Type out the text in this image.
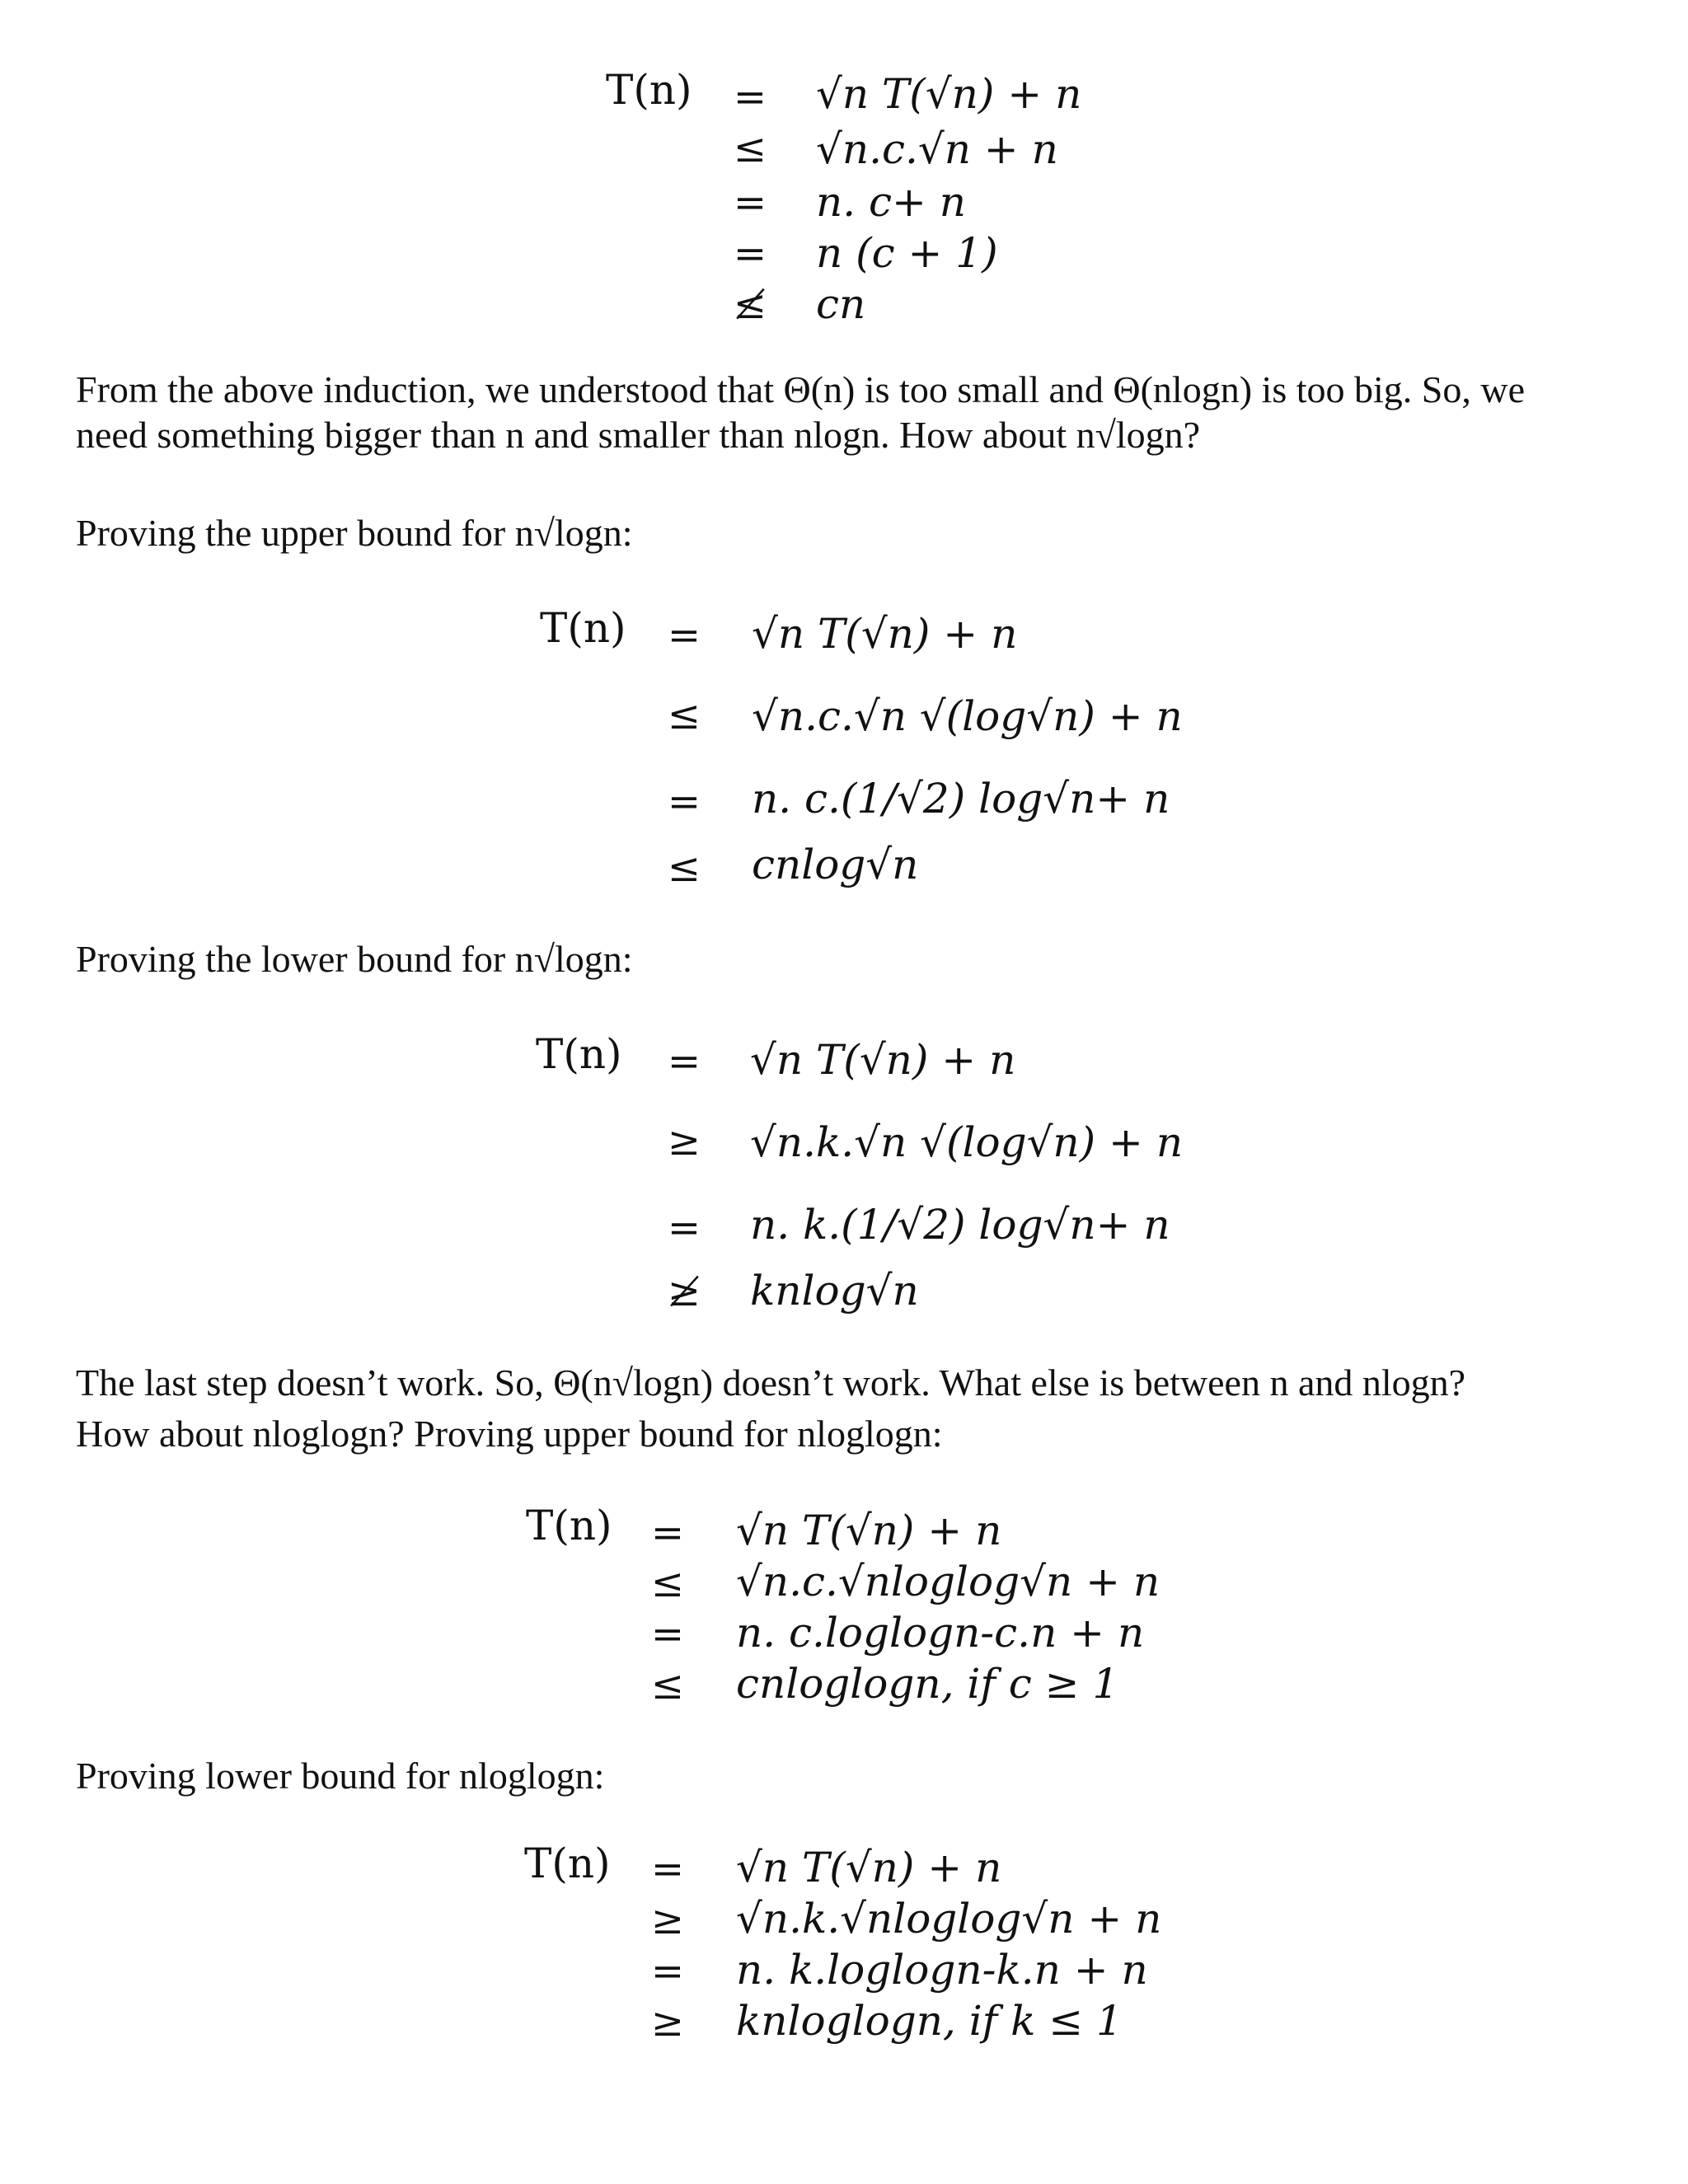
T(n) = √n T(√n) + n
≤ √n.c.√n + n
= n. c+ n
= n (c + 1)
≰ cn
From the above induction, we understood that Θ(n) is too small and Θ(nlogn) is too big. So, we
need something bigger than n and smaller than nlogn. How about n√logn?
Proving the upper bound for n√logn:
T(n) = √n T(√n) + n
≤ √n.c.√n √(log√n) + n
= n. c.(1/√2) log√n+ n
≤ cnlog√n
Proving the lower bound for n√logn:
T(n) = √n T(√n) + n
≥ √n.k.√n √(log√n) + n
= n. k.(1/√2) log√n+ n
≱ knlog√n
The last step doesn’t work. So, Θ(n√logn) doesn’t work. What else is between n and nlogn?
How about nloglogn? Proving upper bound for nloglogn:
T(n) = √n T(√n) + n
≤ √n.c.√nloglog√n + n
= n. c.loglogn-c.n + n
≤ cnloglogn, if c ≥ 1
Proving lower bound for nloglogn:
T(n) = √n T(√n) + n
≥ √n.k.√nloglog√n + n
= n. k.loglogn-k.n + n
≥ knloglogn, if k ≤ 1
